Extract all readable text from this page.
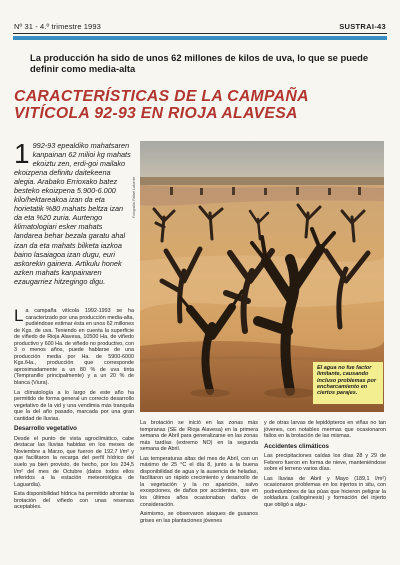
Nº 31 - 4.º trimestre 1993	SUSTRAI-43
La producción ha sido de unos 62 millones de kilos de uva, lo que se puede definir como media-alta
CARACTERÍSTICAS DE LA CAMPAÑA VITÍCOLA 92-93 EN RIOJA ALAVESA
1 992-93 epealdiko mahatsaren kanpainan 62 milioi kg mahats ekoiztu zen, erdi-goi mailako ekoizpena definitu daitekeena alegia. Arabako Errioxako batez besteko ekoizpena 5.900-6.000 kilo/hektareakoa izan da eta horietatik %80 mahats beltza izan da eta %20 zuria. Aurtengo klimatologiari esker mahats landarea behar bezala garatu ahal izan da eta mahats bilketa iazkoa baino lasaiagoa izan dugu, euri askorekin gainera. Artikulu honek azken mahats kanpainaren ezaugarriez hitzegingo digu.
Fotografía: Rafael Lafuente
El agua no fue factor limitante, causando incluso problemas por encharcamiento en ciertos parajes.

La campaña vitícola 1992-1993 se ha caracterizado por una producción media-alta, pudiéndose estimar ésta en unos 62 millones de Kgs. de uva. Teniendo en cuenta la superficie de viñedo de Rioja Alavesa, 10500 Ha. de viñedo productivo y 600 Ha. de viñedo no productivo, con 3 o menos años, puede hablarse de una producción media por Ha. de 5900-6000 Kgs./Ha., producción que corresponde aproximadamente a un 80 % de uva tinta (Tempranillo principalmente) y a un 20 % de blanca (Viura).

La climatología a lo largo de este año ha permitido de forma general un correcto desarrollo vegetativo de la vid y una vendimia más tranquila que la del año pasado, marcada por una gran cantidad de lluvias.

Desarrollo vegetativo

Desde el punto de vista agroclimático, cabe destacar las lluvias habidas en los meses de Noviembre a Marzo, que fueron de 192,7 l/m² y que facilitaron la recarga del perfil hídrico del suelo ya bien provisto, de hecho, por los 234,5 l/m² del mes de Octubre (datos todos ellos referidos a la estación meteorológica de Laguardia).

Esta disponibilidad hídrica ha permitido afrontar la brotación del viñedo con unas reservas aceptables.

La brotación se inició en las zonas más tempranas (SE de Rioja Alavesa) en la primera semana de Abril para generalizarse en las zonas más tardías (extremo NO) en la segunda semana de Abril.

Las temperaturas altas del mes de Abril, con un máximo de 25 °C el día 8, junto a la buena disponibilidad de agua y la ausencia de heladas, facilitaron un rápido crecimiento y desarrollo de la vegetación y la no aparición, salvo excepciones, de daños por accidentes, que en los últimos años ocasionaban daños de consideración.

Asimismo, se observaron ataques de gusanos grises en las plantaciones jóvenes

y de otras larvas de lepidópteros en viñas no tan jóvenes, con notables mermas que ocasionaron fallos en la brotación de las mismas.

Accidentes climáticos

Las precipitaciones caídas los días 28 y 29 de Febrero fueron en forma de nieve, manteniéndose sobre el terreno varios días.

Las lluvias de Abril y Mayo (189,1 l/m²) ocasionaron problemas en los injertos in situ, con podredumbres de las púas que hicieron peligrar la soldadura (callogénesis) y formación del injerto que obligó a algu-
